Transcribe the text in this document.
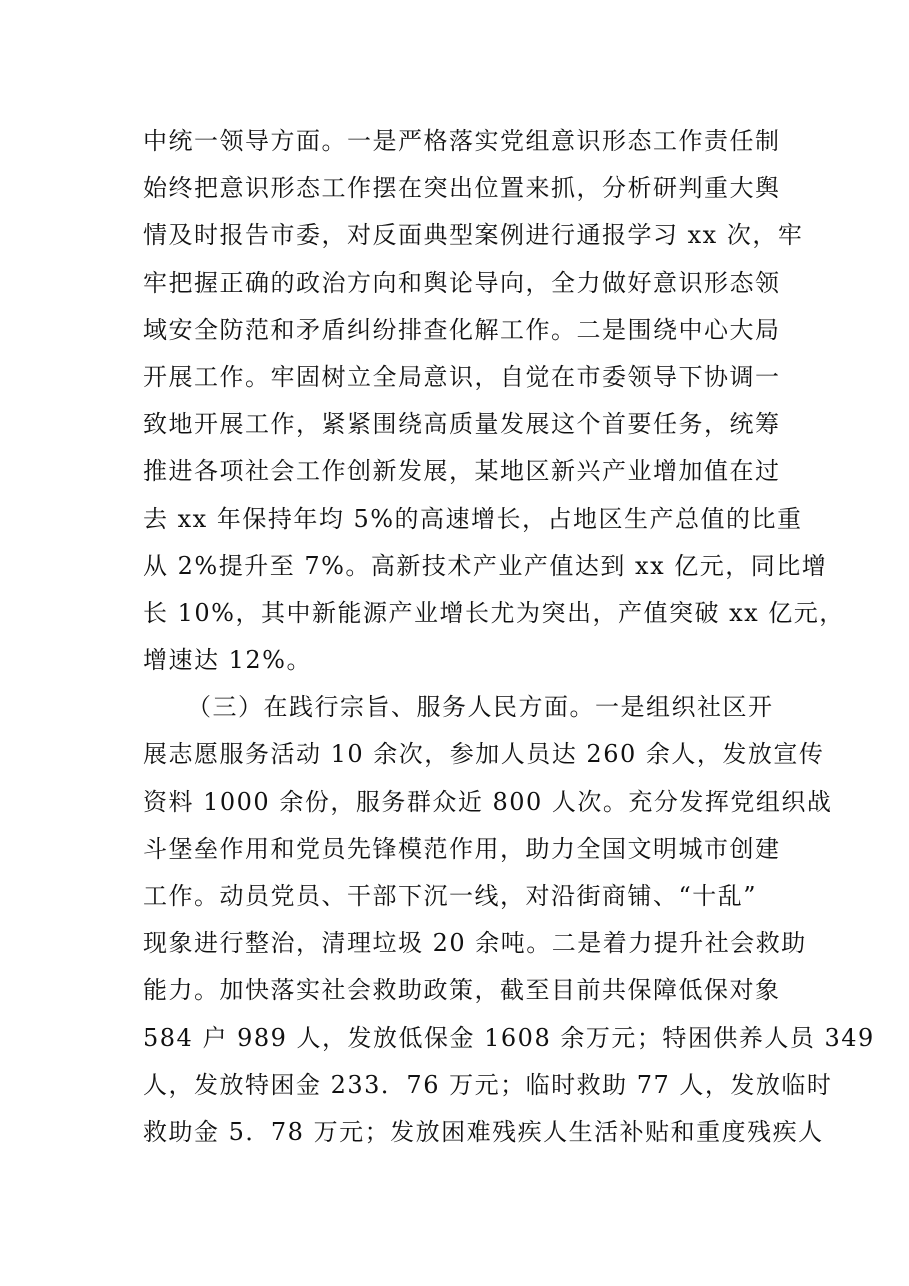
中统一领导方面。一是严格落实党组意识形态工作责任制
始终把意识形态工作摆在突出位置来抓，分析研判重大舆
情及时报告市委，对反面典型案例进行通报学习 xx 次，牢
牢把握正确的政治方向和舆论导向，全力做好意识形态领
域安全防范和矛盾纠纷排查化解工作。二是围绕中心大局
开展工作。牢固树立全局意识，自觉在市委领导下协调一
致地开展工作，紧紧围绕高质量发展这个首要任务，统筹
推进各项社会工作创新发展，某地区新兴产业增加值在过
去 xx 年保持年均 5%的高速增长，占地区生产总值的比重
从 2%提升至 7%。高新技术产业产值达到 xx 亿元，同比增
长 10%，其中新能源产业增长尤为突出，产值突破 xx 亿元，
增速达 12%。
（三）在践行宗旨、服务人民方面。一是组织社区开
展志愿服务活动 10 余次，参加人员达 260 余人，发放宣传
资料 1000 余份，服务群众近 800 人次。充分发挥党组织战
斗堡垒作用和党员先锋模范作用，助力全国文明城市创建
工作。动员党员、干部下沉一线，对沿街商铺、“十乱”
现象进行整治，清理垃圾 20 余吨。二是着力提升社会救助
能力。加快落实社会救助政策，截至目前共保障低保对象
584 户 989 人，发放低保金 1608 余万元；特困供养人员 349
人，发放特困金 233．76 万元；临时救助 77 人，发放临时
救助金 5．78 万元；发放困难残疾人生活补贴和重度残疾人
